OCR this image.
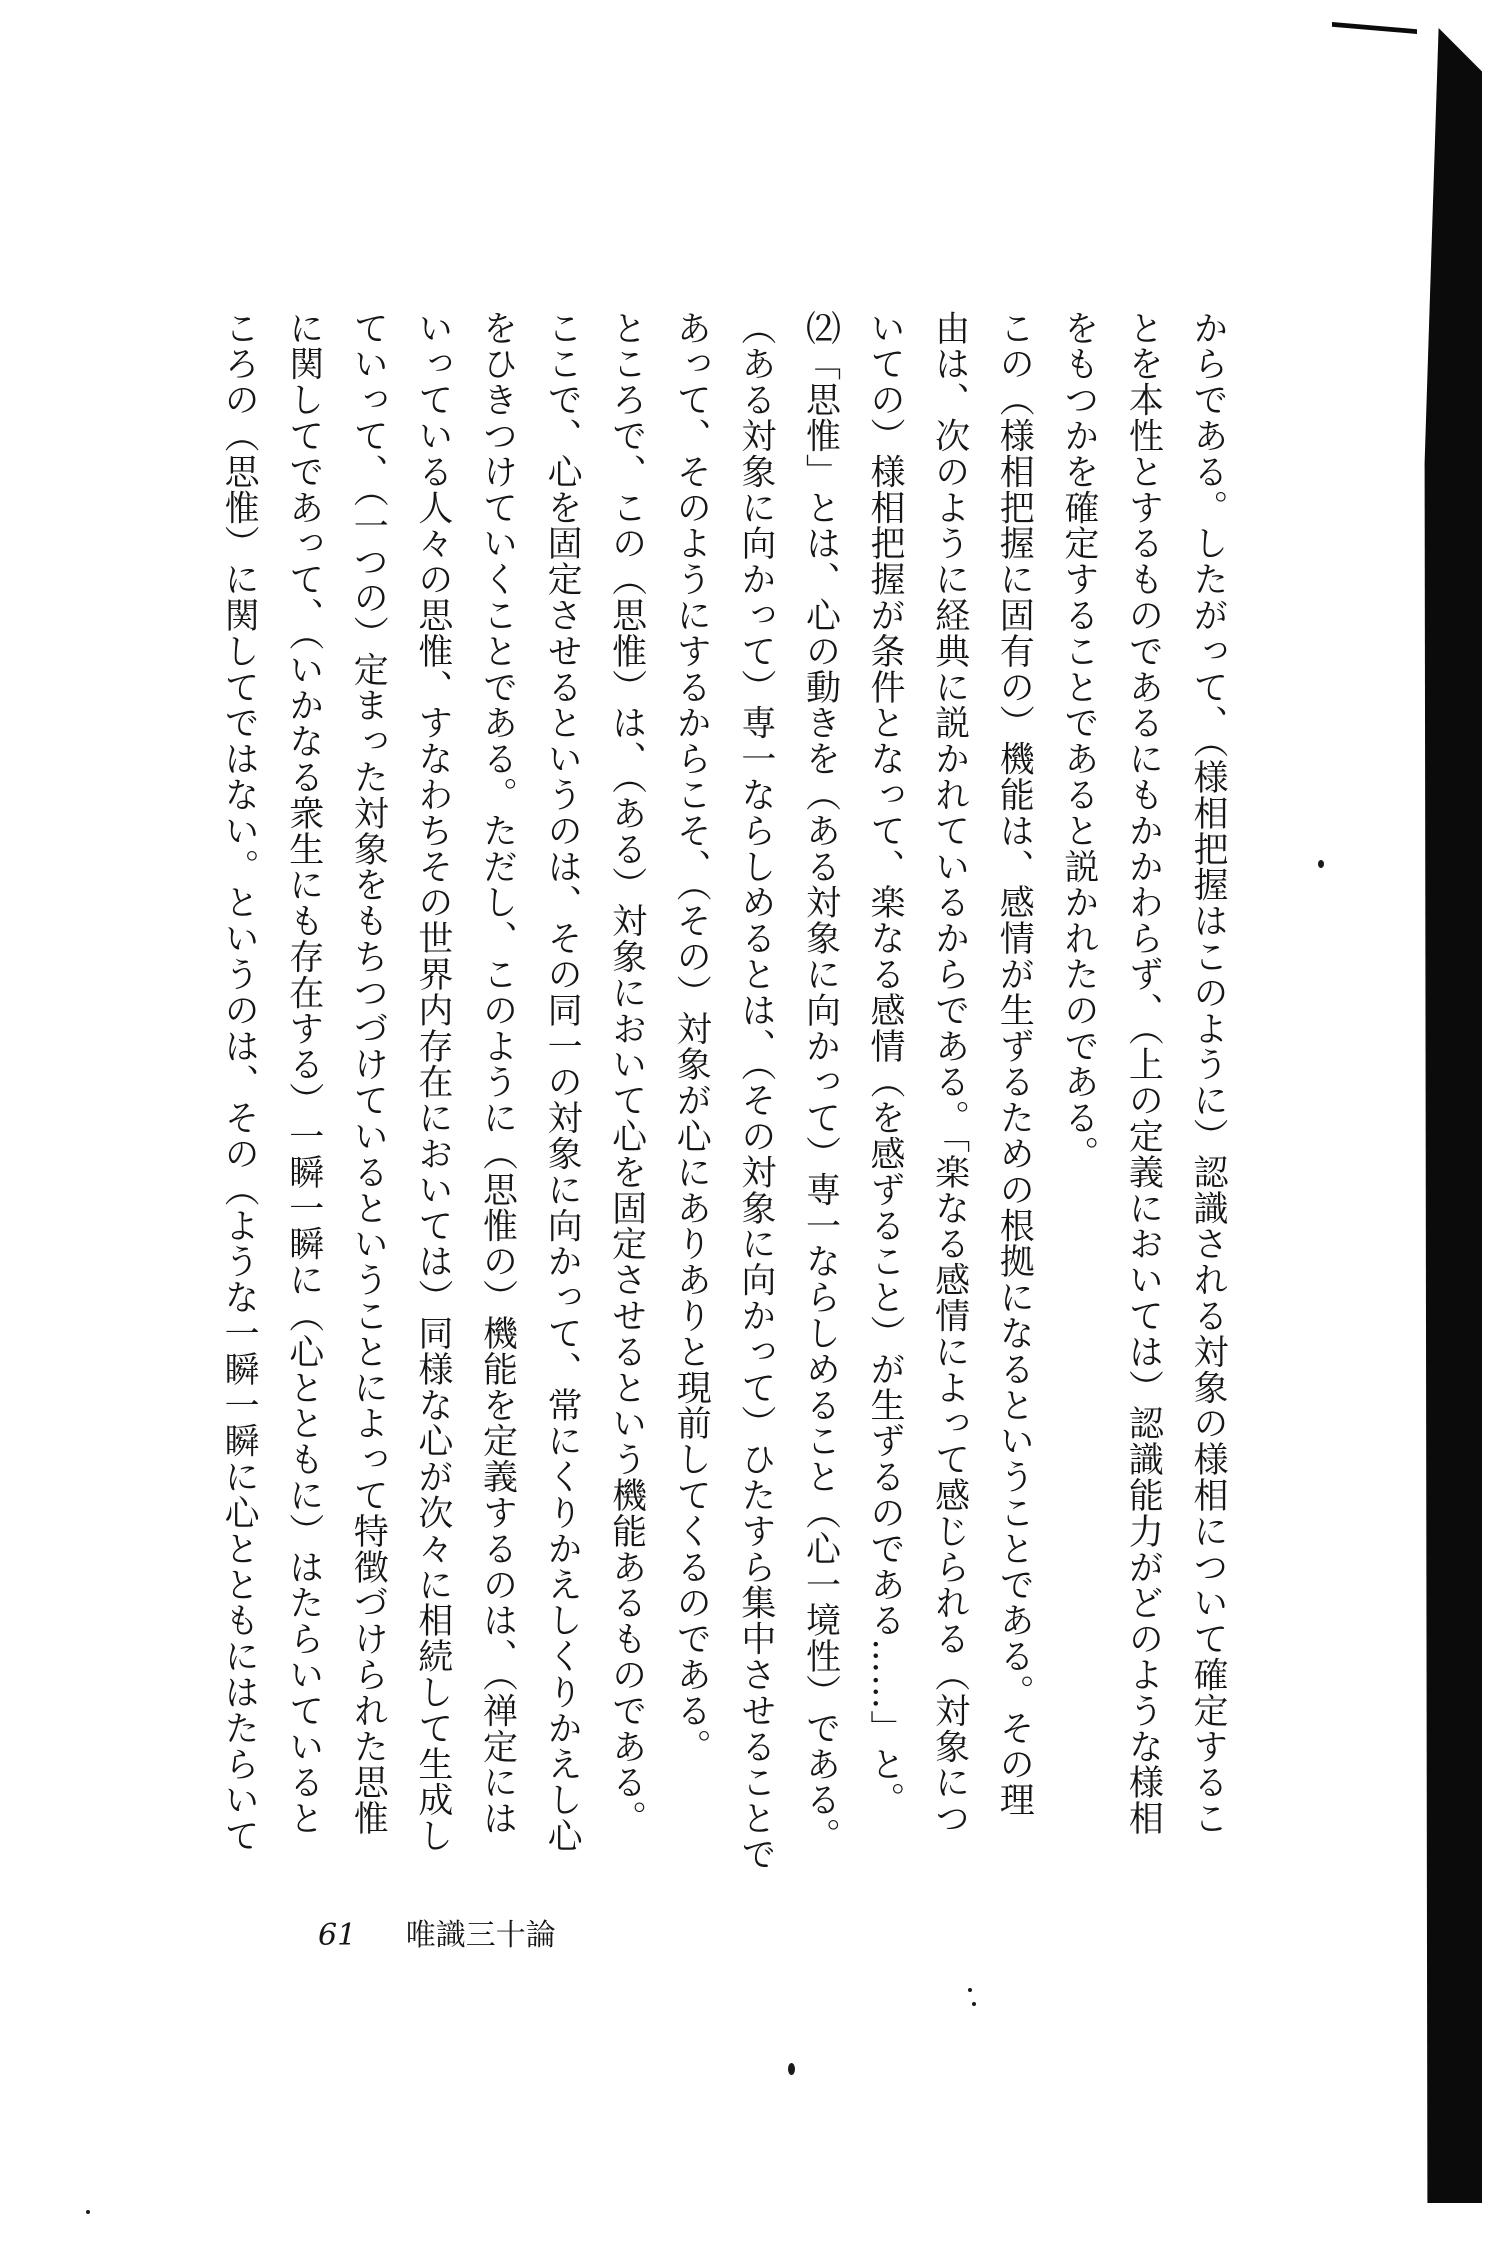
からである。したがって、（様相把握はこのように）認識される対象の様相について確定するこ
とを本性とするものであるにもかかわらず、（上の定義においては）認識能力がどのような様相
をもつかを確定することであると説かれたのである。
この（様相把握に固有の）機能は、感情が生ずるための根拠になるということである。その理
由は、次のように経典に説かれているからである。「楽なる感情によって感じられる（対象につ
いての）様相把握が条件となって、楽なる感情（を感ずること）が生ずるのである……」と。
⑵「思惟」とは、心の動きを（ある対象に向かって）専一ならしめること（心一境性）である。
（ある対象に向かって）専一ならしめるとは、（その対象に向かって）ひたすら集中させることで
あって、そのようにするからこそ、（その）対象が心にありありと現前してくるのである。
ところで、この（思惟）は、（ある）対象において心を固定させるという機能あるものである。
ここで、心を固定させるというのは、その同一の対象に向かって、常にくりかえしくりかえし心
をひきつけていくことである。ただし、このように（思惟の）機能を定義するのは、（禅定には
いっている人々の思惟、すなわちその世界内存在においては）同様な心が次々に相続して生成し
ていって、（一つの）定まった対象をもちつづけているということによって特徴づけられた思惟
に関してであって、（いかなる衆生にも存在する）一瞬一瞬に（心とともに）はたらいていると
ころの（思惟）に関してではない。というのは、その（ような一瞬一瞬に心とともにはたらいて
61 唯識三十論
